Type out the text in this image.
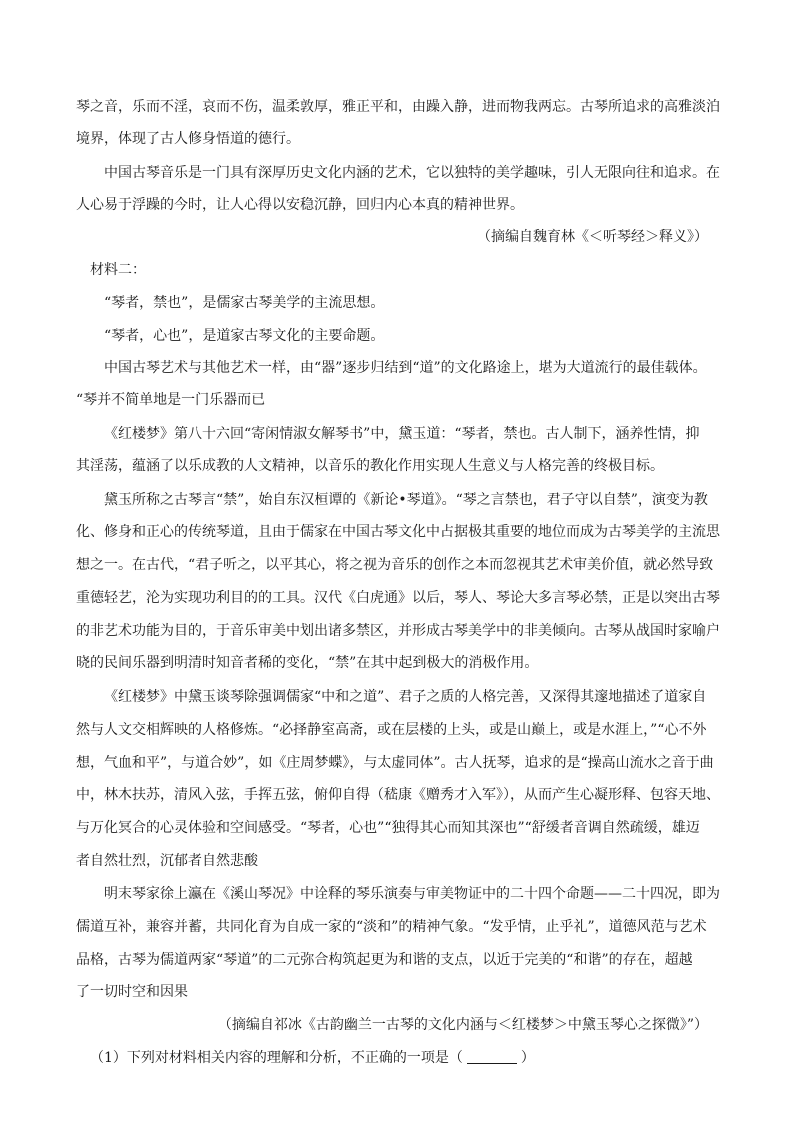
琴之音，乐而不淫，哀而不伤，温柔敦厚，雅正平和，由躁入静，进而物我两忘。古琴所追求的高雅淡泊
境界，体现了古人修身悟道的德行。
中国古琴音乐是一门具有深厚历史文化内涵的艺术，它以独特的美学趣味，引人无限向往和追求。在
人心易于浮躁的今时，让人心得以安稳沉静，回归内心本真的精神世界。
（摘编自魏育林《＜听琴经＞释义》）
材料二：
“琴者，禁也”，是儒家古琴美学的主流思想。
“琴者，心也”，是道家古琴文化的主要命题。
中国古琴艺术与其他艺术一样，由“器”逐步归结到“道”的文化路途上，堪为大道流行的最佳载体。
“琴并不简单地是一门乐器而已
《红楼梦》第八十六回“寄闲情淑女解琴书”中，黛玉道：“琴者，禁也。古人制下，涵养性情，抑
其淫荡，蕴涵了以乐成教的人文精神，以音乐的教化作用实现人生意义与人格完善的终极目标。
黛玉所称之古琴言“禁”，始自东汉桓谭的《新论•琴道》。“琴之言禁也，君子守以自禁”，演变为教
化、修身和正心的传统琴道，且由于儒家在中国古琴文化中占据极其重要的地位而成为古琴美学的主流思
想之一。在古代，“君子听之，以平其心，将之视为音乐的创作之本而忽视其艺术审美价值，就必然导致
重德轻艺，沦为实现功利目的的工具。汉代《白虎通》以后，琴人、琴论大多言琴必禁，正是以突出古琴
的非艺术功能为目的，于音乐审美中划出诸多禁区，并形成古琴美学中的非美倾向。古琴从战国时家喻户
晓的民间乐器到明清时知音者稀的变化，“禁”在其中起到极大的消极作用。
《红楼梦》中黛玉谈琴除强调儒家“中和之道”、君子之质的人格完善，又深得其邃地描述了道家自
然与人文交相辉映的人格修炼。“必择静室高斋，或在层楼的上头，或是山巅上，或是水涯上，”“心不外
想，气血和平”，与道合妙”，如《庄周梦蝶》，与太虚同体”。古人抚琴，追求的是“操高山流水之音于曲
中，林木扶苏，清风入弦，手挥五弦，俯仰自得（嵇康《赠秀才入军》），从而产生心凝形释、包容天地、
与万化冥合的心灵体验和空间感受。“琴者，心也”“独得其心而知其深也”“舒缓者音调自然疏缓，雄迈
者自然壮烈，沉郁者自然悲酸
明末琴家徐上瀛在《溪山琴况》中诠释的琴乐演奏与审美物证中的二十四个命题——二十四况，即为
儒道互补，兼容并蓄，共同化育为自成一家的“淡和”的精神气象。“发乎情，止乎礼”，道德风范与艺术
品格，古琴为儒道两家“琴道”的二元弥合构筑起更为和谐的支点，以近于完美的“和谐”的存在，超越
了一切时空和因果
（摘编自祁冰《古韵幽兰一古琴的文化内涵与＜红楼梦＞中黛玉琴心之探微》”）
（1）下列对材料相关内容的理解和分析，不正确的一项是（	）
